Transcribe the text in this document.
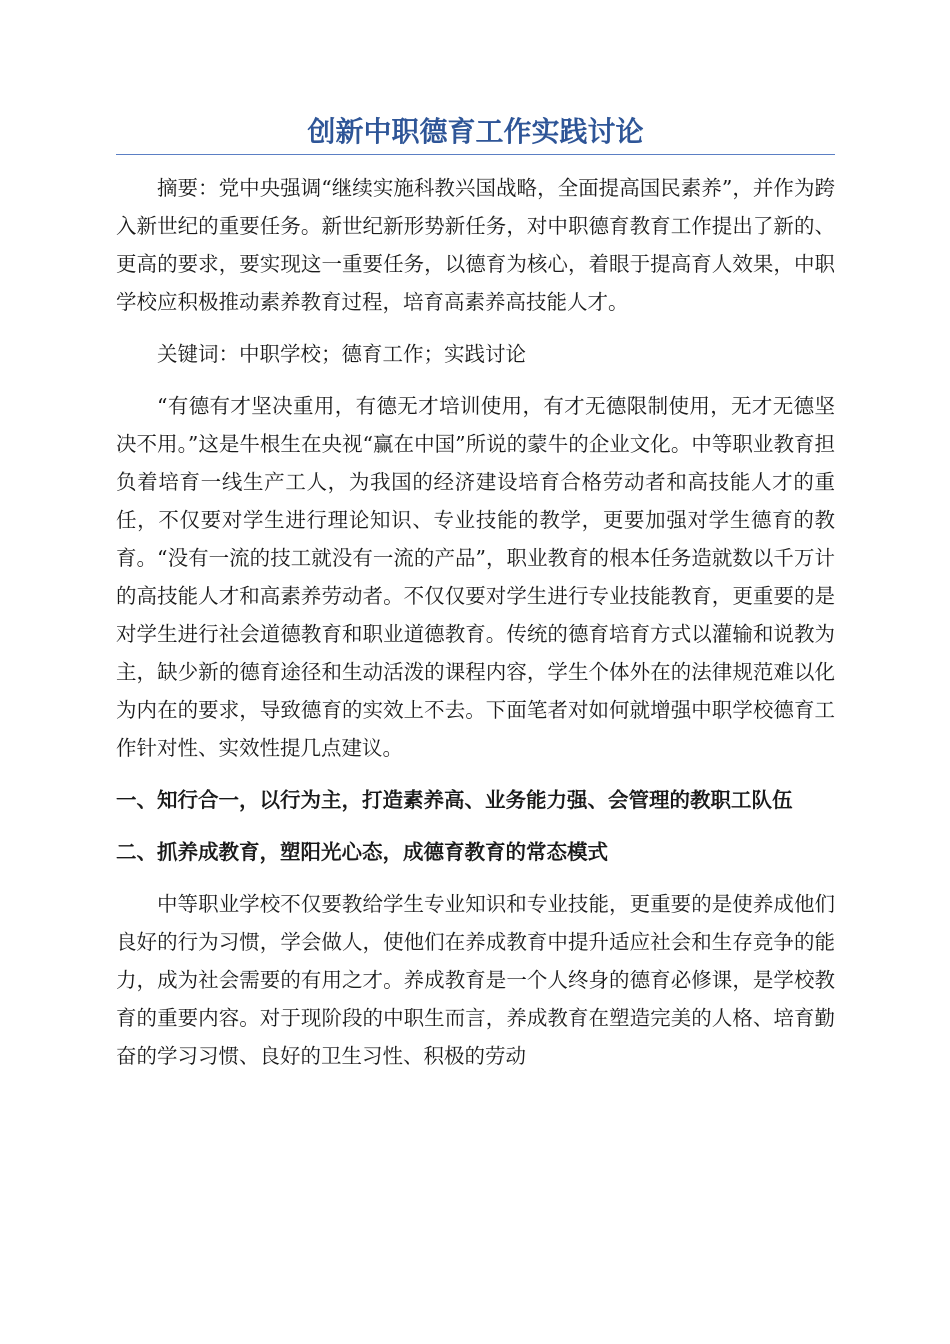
创新中职德育工作实践讨论

摘要：党中央强调“继续实施科教兴国战略，全面提高国民素养”，并作为跨入新世纪的重要任务。新世纪新形势新任务，对中职德育教育工作提出了新的、更高的要求，要实现这一重要任务，以德育为核心，着眼于提高育人效果，中职学校应积极推动素养教育过程，培育高素养高技能人才。

关键词：中职学校；德育工作；实践讨论

“有德有才坚决重用，有德无才培训使用，有才无德限制使用，无才无德坚决不用。”这是牛根生在央视“赢在中国”所说的蒙牛的企业文化。中等职业教育担负着培育一线生产工人，为我国的经济建设培育合格劳动者和高技能人才的重任，不仅要对学生进行理论知识、专业技能的教学，更要加强对学生德育的教育。“没有一流的技工就没有一流的产品”，职业教育的根本任务造就数以千万计的高技能人才和高素养劳动者。不仅仅要对学生进行专业技能教育，更重要的是对学生进行社会道德教育和职业道德教育。传统的德育培育方式以灌输和说教为主，缺少新的德育途径和生动活泼的课程内容，学生个体外在的法律规范难以化为内在的要求，导致德育的实效上不去。下面笔者对如何就增强中职学校德育工作针对性、实效性提几点建议。

一、知行合一，以行为主，打造素养高、业务能力强、会管理的教职工队伍
二、抓养成教育，塑阳光心态，成德育教育的常态模式

中等职业学校不仅要教给学生专业知识和专业技能，更重要的是使养成他们良好的行为习惯，学会做人，使他们在养成教育中提升适应社会和生存竞争的能力，成为社会需要的有用之才。养成教育是一个人终身的德育必修课，是学校教育的重要内容。对于现阶段的中职生而言，养成教育在塑造完美的人格、培育勤奋的学习习惯、良好的卫生习性、积极的劳动
